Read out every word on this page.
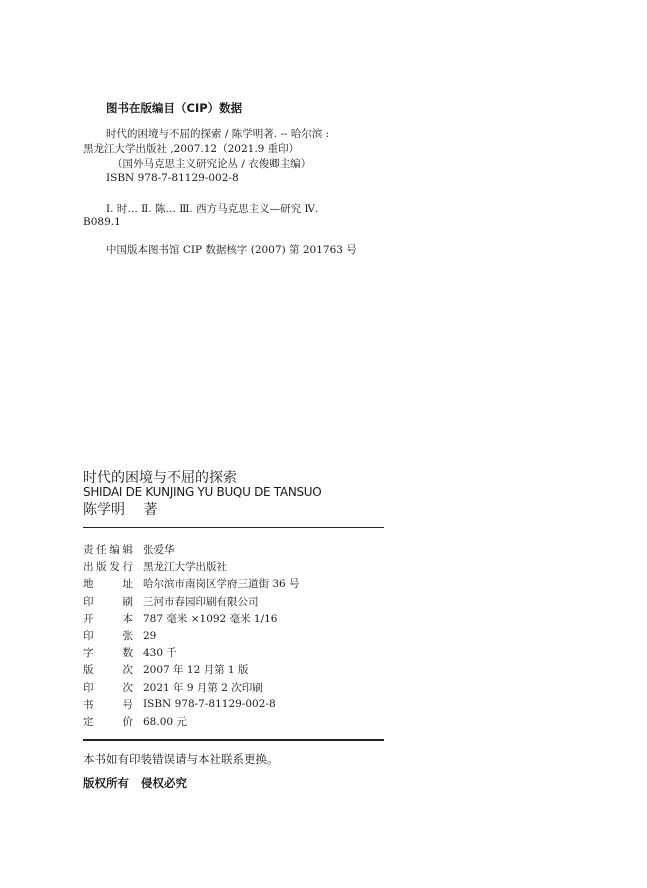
图书在版编目（CIP）数据
时代的困境与不屈的探索 / 陈学明著. -- 哈尔滨 :
黑龙江大学出版社 ,2007.12（2021.9 重印）
（国外马克思主义研究论丛 / 衣俊卿主编）
ISBN 978-7-81129-002-8
Ⅰ. 时… Ⅱ. 陈… Ⅲ. 西方马克思主义—研究 Ⅳ.
B089.1
中国版本图书馆 CIP 数据核字 (2007) 第 201763 号
时代的困境与不屈的探索
SHIDAI DE KUNJING YU BUQU DE TANSUO
陈学明 著
责任编辑	张爱华
出版发行	黑龙江大学出版社
地址	哈尔滨市南岗区学府三道街 36 号
印刷	三河市春园印刷有限公司
开本	787 毫米 ×1092 毫米 1/16
印张	29
字数	430 千
版次	2007 年 12 月第 1 版
印次	2021 年 9 月第 2 次印刷
书号	ISBN 978-7-81129-002-8
定价	68.00 元
本书如有印装错误请与本社联系更换。
版权所有 侵权必究
